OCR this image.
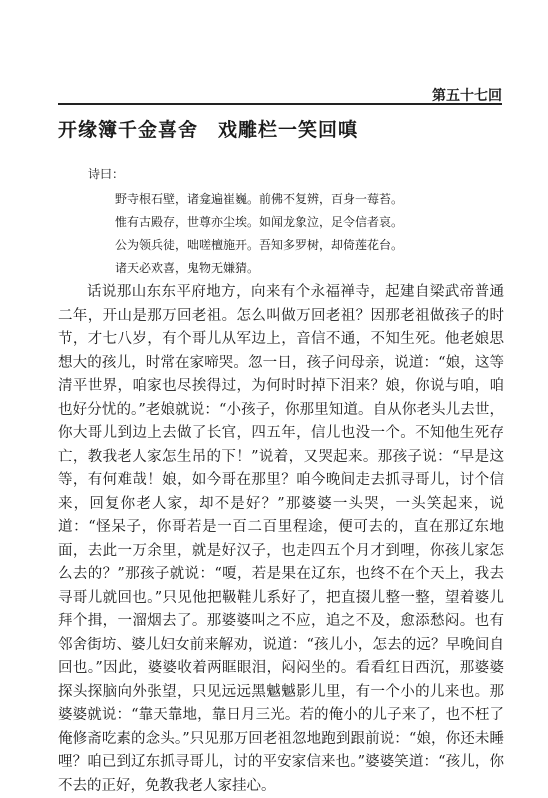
第五十七回
开缘簿千金喜舍　戏雕栏一笑回嗔
诗曰：
野寺根石壁，诸龛遍崔巍。前佛不复辨，百身一莓苔。
惟有古殿存，世尊亦尘埃。如闻龙象泣，足令信者哀。
公为领兵徒，咄嗟檀施开。吾知多罗树，却倚莲花台。
诸天必欢喜，鬼物无嫌猜。

话说那山东东平府地方，向来有个永福禅寺，起建自梁武帝普通二年，开山是那万回老祖。怎么叫做万回老祖？因那老祖做孩子的时节，才七八岁，有个哥儿从军边上，音信不通，不知生死。他老娘思想大的孩儿，时常在家啼哭。忽一日，孩子问母亲，说道：“娘，这等清平世界，咱家也尽挨得过，为何时时掉下泪来？娘，你说与咱，咱也好分忧的。”老娘就说：“小孩子，你那里知道。自从你老头儿去世，你大哥儿到边上去做了长官，四五年，信儿也没一个。不知他生死存亡，教我老人家怎生吊的下！”说着，又哭起来。那孩子说：“早是这等，有何难哉！娘，如今哥在那里？咱今晚间走去抓寻哥儿，讨个信来，回复你老人家，却不是好？”那婆婆一头哭，一头笑起来，说道：“怪呆子，你哥若是一百二百里程途，便可去的，直在那辽东地面，去此一万余里，就是好汉子，也走四五个月才到哩，你孩儿家怎么去的？”那孩子就说：“嗄，若是果在辽东，也终不在个天上，我去寻哥儿就回也。”只见他把靸鞋儿系好了，把直掇儿整一整，望着婆儿拜个揖，一溜烟去了。那婆婆叫之不应，追之不及，愈添愁闷。也有邻舍街坊、婆儿妇女前来解劝，说道：“孩儿小，怎去的远？早晚间自回也。”因此，婆婆收着两眶眼泪，闷闷坐的。看看红日西沉，那婆婆探头探脑向外张望，只见远远黑魆魆影儿里，有一个小的儿来也。那婆婆就说：“靠天靠地，靠日月三光。若的俺小的儿子来了，也不枉了俺修斋吃素的念头。”只见那万回老祖忽地跑到跟前说：“娘，你还未睡哩？咱已到辽东抓寻哥儿，讨的平安家信来也。”婆婆笑道：“孩儿，你不去的正好，免教我老人家挂心。
